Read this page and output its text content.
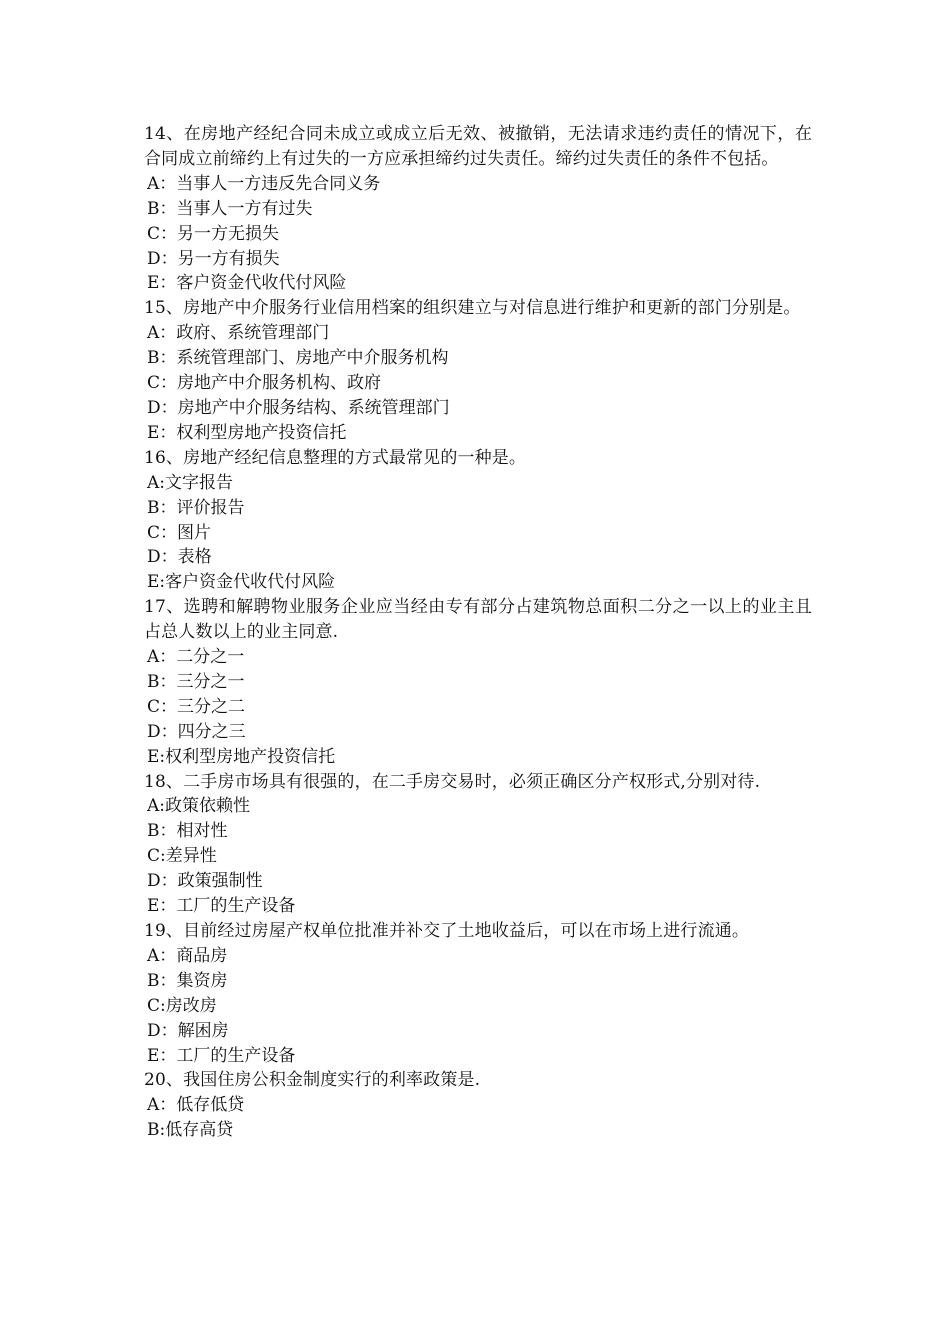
14、在房地产经纪合同未成立或成立后无效、被撤销，无法请求违约责任的情况下，在合同成立前缔约上有过失的一方应承担缔约过失责任。缔约过失责任的条件不包括。

A：当事人一方违反先合同义务

B：当事人一方有过失

C：另一方无损失

D：另一方有损失

E：客户资金代收代付风险

15、房地产中介服务行业信用档案的组织建立与对信息进行维护和更新的部门分别是。

A：政府、系统管理部门

B：系统管理部门、房地产中介服务机构

C：房地产中介服务机构、政府

D：房地产中介服务结构、系统管理部门

E：权利型房地产投资信托

16、房地产经纪信息整理的方式最常见的一种是。

A:文字报告

B：评价报告

C：图片

D：表格

E:客户资金代收代付风险

17、选聘和解聘物业服务企业应当经由专有部分占建筑物总面积二分之一以上的业主且占总人数以上的业主同意.

A：二分之一

B：三分之一

C：三分之二

D：四分之三

E:权利型房地产投资信托

18、二手房市场具有很强的，在二手房交易时，必须正确区分产权形式,分别对待.

A:政策依赖性

B：相对性

C:差异性

D：政策强制性

E：工厂的生产设备

19、目前经过房屋产权单位批准并补交了土地收益后，可以在市场上进行流通。

A：商品房

B：集资房

C:房改房

D：解困房

E：工厂的生产设备

20、我国住房公积金制度实行的利率政策是.

A：低存低贷

B:低存高贷
